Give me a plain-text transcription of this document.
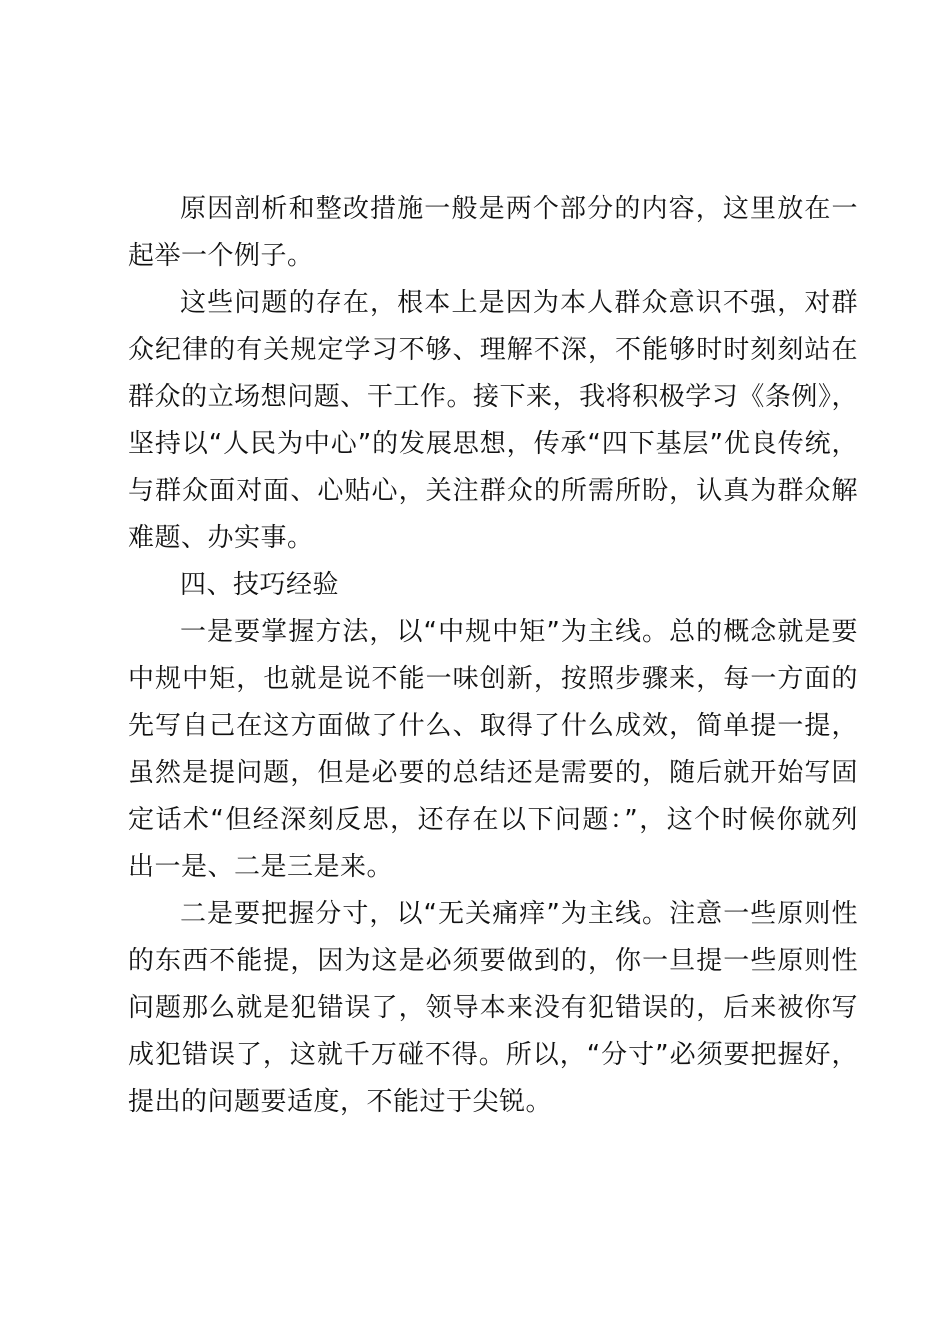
原因剖析和整改措施一般是两个部分的内容，这里放在一起举一个例子。

这些问题的存在，根本上是因为本人群众意识不强，对群众纪律的有关规定学习不够、理解不深，不能够时时刻刻站在群众的立场想问题、干工作。接下来，我将积极学习《条例》，坚持以“人民为中心”的发展思想，传承“四下基层”优良传统，与群众面对面、心贴心，关注群众的所需所盼，认真为群众解难题、办实事。

四、技巧经验

一是要掌握方法，以“中规中矩”为主线。总的概念就是要中规中矩，也就是说不能一味创新，按照步骤来，每一方面的先写自己在这方面做了什么、取得了什么成效，简单提一提，虽然是提问题，但是必要的总结还是需要的，随后就开始写固定话术“但经深刻反思，还存在以下问题：”，这个时候你就列出一是、二是三是来。

二是要把握分寸，以“无关痛痒”为主线。注意一些原则性的东西不能提，因为这是必须要做到的，你一旦提一些原则性问题那么就是犯错误了，领导本来没有犯错误的，后来被你写成犯错误了，这就千万碰不得。所以，“分寸”必须要把握好，提出的问题要适度，不能过于尖锐。
